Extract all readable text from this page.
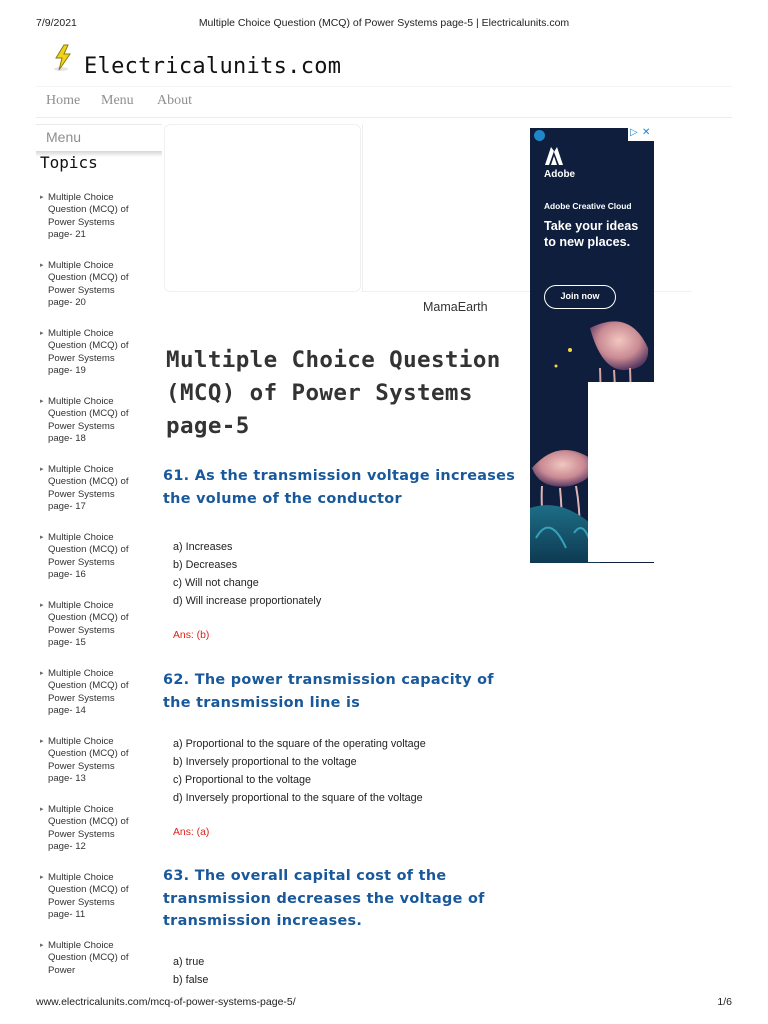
7/9/2021	Multiple Choice Question (MCQ) of Power Systems page-5 | Electricalunits.com
Electricalunits.com
Home Menu About
Menu
Topics
▸ Multiple Choice Question (MCQ) of Power Systems page- 21
▸ Multiple Choice Question (MCQ) of Power Systems page- 20
▸ Multiple Choice Question (MCQ) of Power Systems page- 19
▸ Multiple Choice Question (MCQ) of Power Systems page- 18
▸ Multiple Choice Question (MCQ) of Power Systems page- 17
▸ Multiple Choice Question (MCQ) of Power Systems page- 16
▸ Multiple Choice Question (MCQ) of Power Systems page- 15
▸ Multiple Choice Question (MCQ) of Power Systems page- 14
▸ Multiple Choice Question (MCQ) of Power Systems page- 13
▸ Multiple Choice Question (MCQ) of Power Systems page- 12
▸ Multiple Choice Question (MCQ) of Power Systems page- 11
▸ Multiple Choice Question (MCQ) of Power
MamaEarth
▷ ✕
Adobe
Adobe Creative Cloud
Take your ideas to new places.
Join now
Multiple Choice Question (MCQ) of Power Systems page-5
61. As the transmission voltage increases the volume of the conductor
a) Increases
b) Decreases
c) Will not change
d) Will increase proportionately
Ans: (b)
62. The power transmission capacity of the transmission line is
a) Proportional to the square of the operating voltage
b) Inversely proportional to the voltage
c) Proportional to the voltage
d) Inversely proportional to the square of the voltage
Ans: (a)
63. The overall capital cost of the transmission decreases the voltage of transmission increases.
a) true
b) false
www.electricalunits.com/mcq-of-power-systems-page-5/	1/6
